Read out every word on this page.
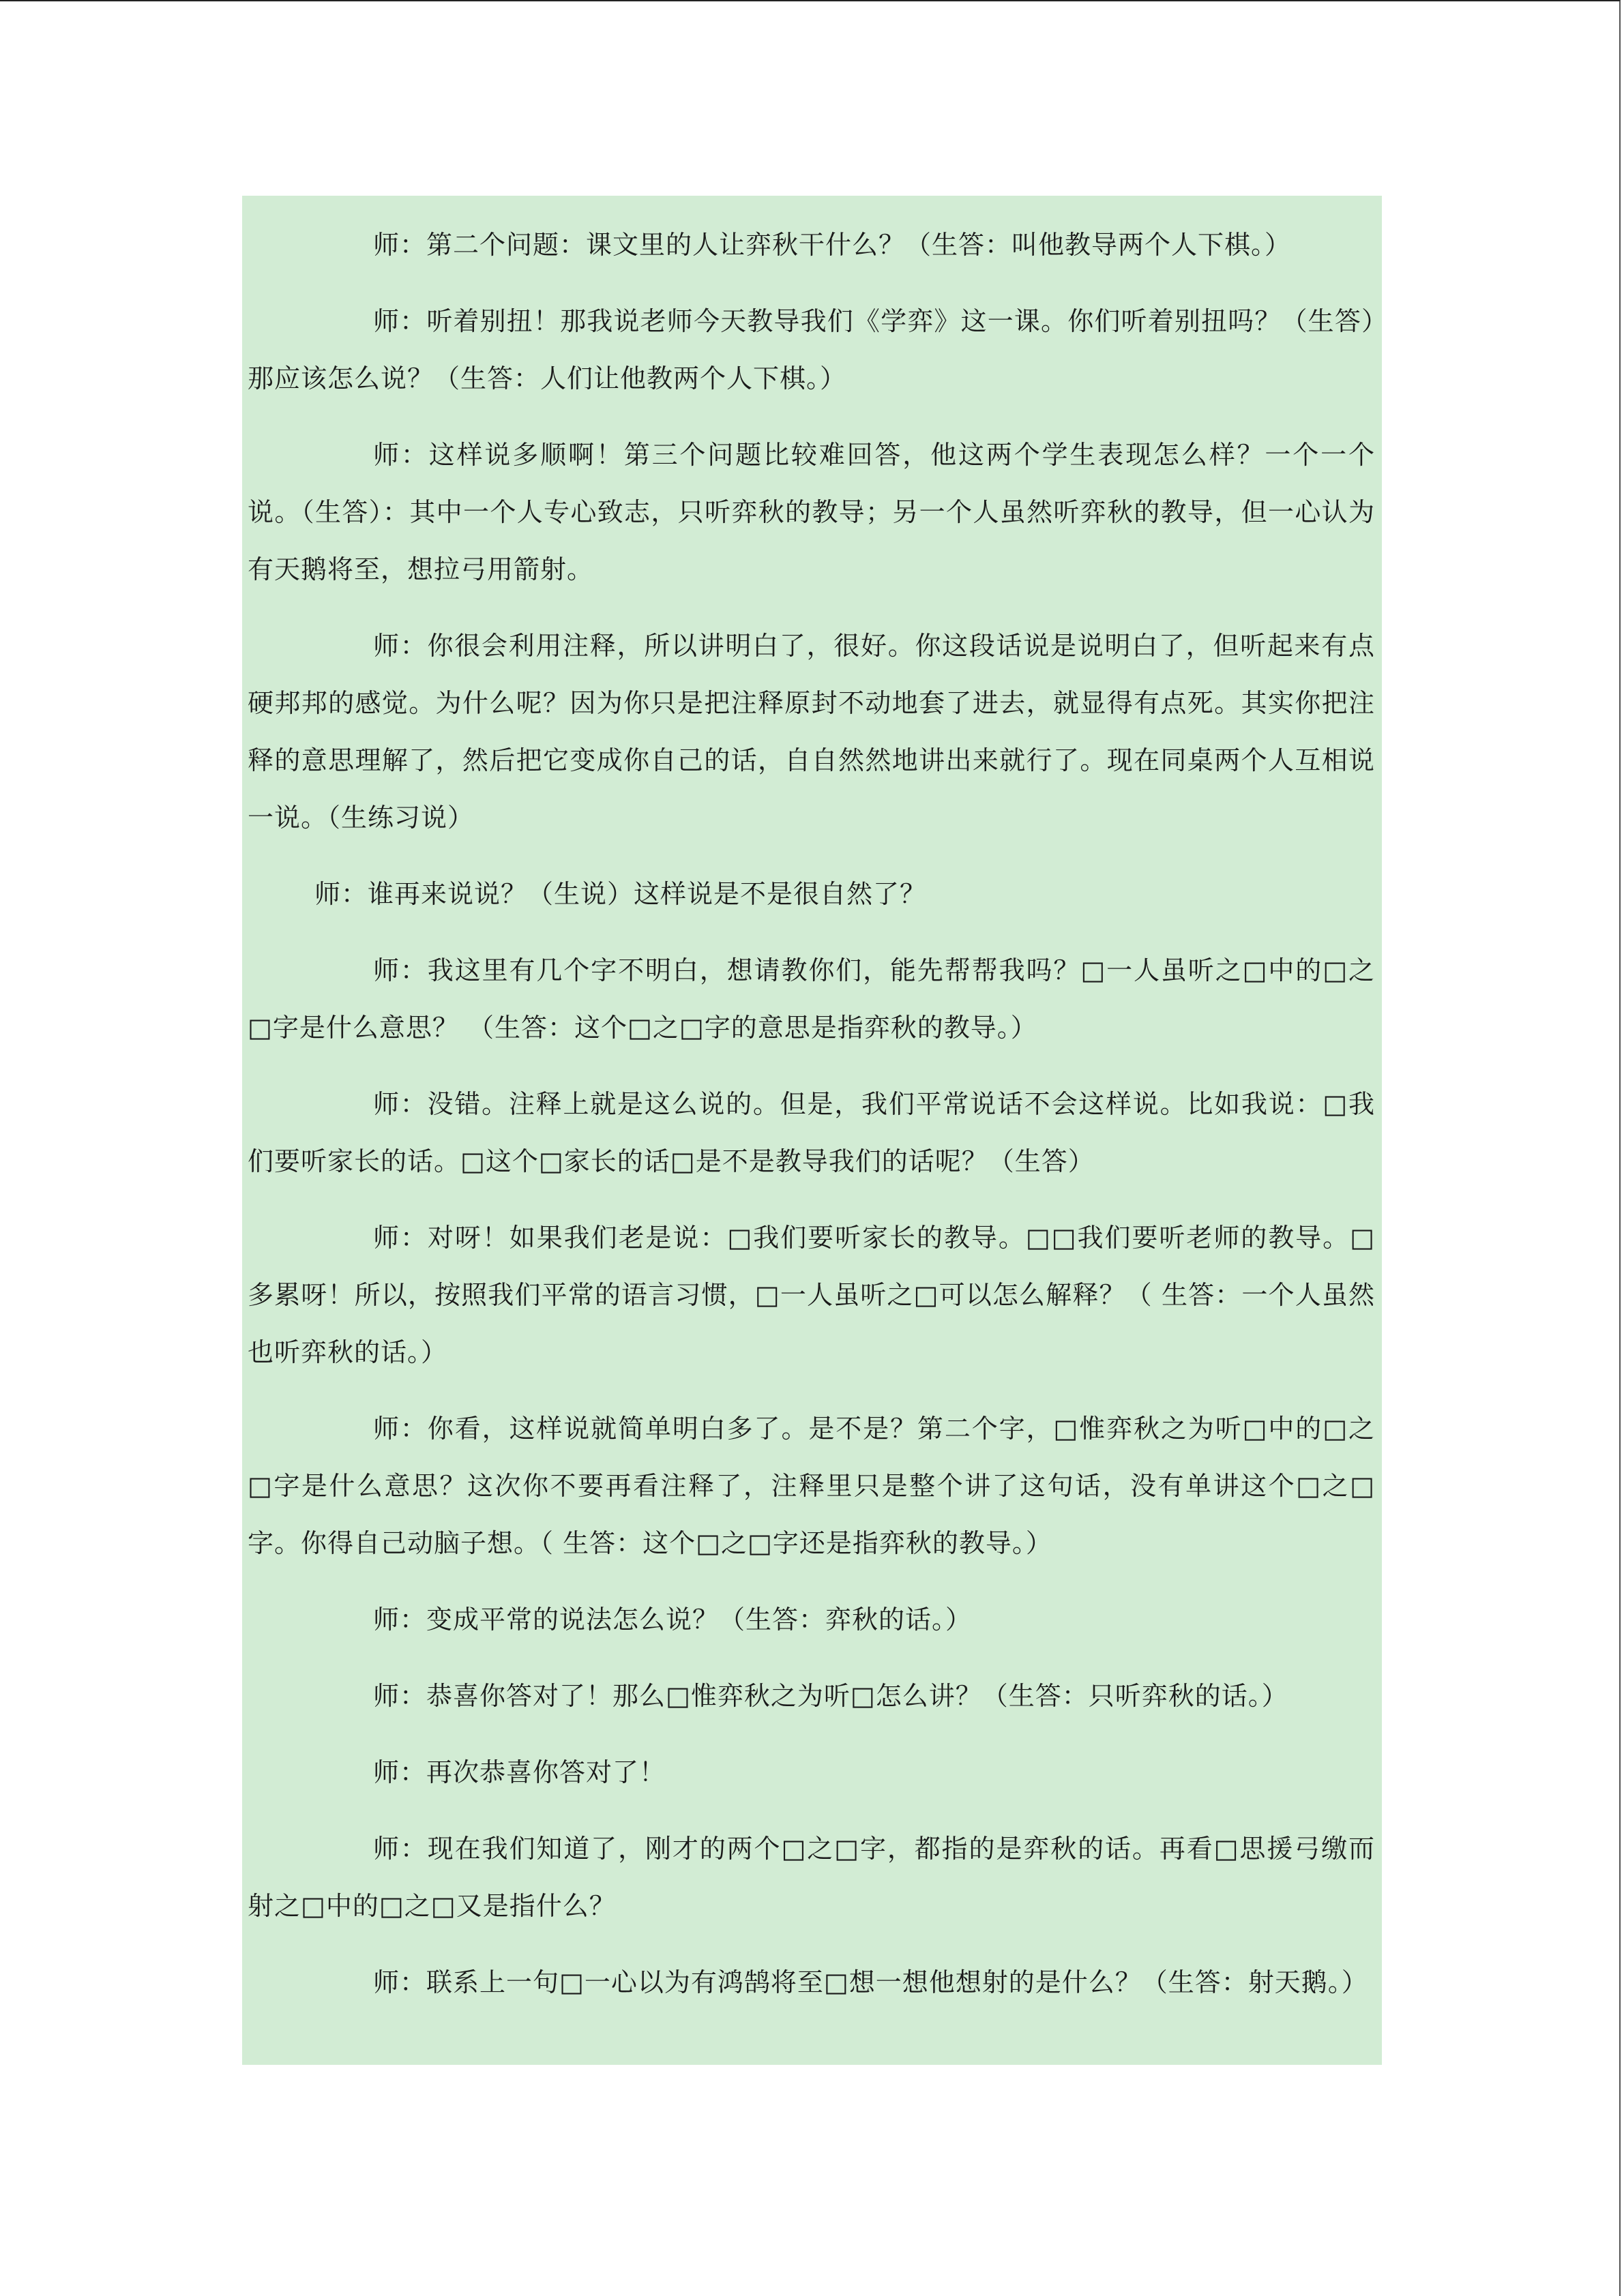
师：第二个问题：课文里的人让弈秋干什么？（生答：叫他教导两个人下棋。）

师：听着别扭！那我说老师今天教导我们《学弈》这一课。你们听着别扭吗？（生答）那应该怎么说？（生答：人们让他教两个人下棋。）

师：这样说多顺啊！第三个问题比较难回答，他这两个学生表现怎么样？一个一个说。（生答）：其中一个人专心致志，只听弈秋的教导；另一个人虽然听弈秋的教导，但一心认为有天鹅将至，想拉弓用箭射。

师：你很会利用注释，所以讲明白了，很好。你这段话说是说明白了，但听起来有点硬邦邦的感觉。为什么呢？因为你只是把注释原封不动地套了进去，就显得有点死。其实你把注释的意思理解了，然后把它变成你自己的话，自自然然地讲出来就行了。现在同桌两个人互相说一说。（生练习说）

师：谁再来说说？（生说）这样说是不是很自然了？

师：我这里有几个字不明白，想请教你们，能先帮帮我吗？□一人虽听之□中的□之□字是什么意思？ （生答：这个□之□字的意思是指弈秋的教导。）

师：没错。注释上就是这么说的。但是，我们平常说话不会这样说。比如我说：□我们要听家长的话。□这个□家长的话□是不是教导我们的话呢？（生答）

师：对呀！如果我们老是说：□我们要听家长的教导。□□我们要听老师的教导。□多累呀！所以，按照我们平常的语言习惯，□一人虽听之□可以怎么解释？（ 生答：一个人虽然也听弈秋的话。）

师：你看，这样说就简单明白多了。是不是？第二个字，□惟弈秋之为听□中的□之□字是什么意思？这次你不要再看注释了，注释里只是整个讲了这句话，没有单讲这个□之□字。你得自己动脑子想。（ 生答：这个□之□字还是指弈秋的教导。）

师：变成平常的说法怎么说？（生答：弈秋的话。）

师：恭喜你答对了！那么□惟弈秋之为听□怎么讲？（生答：只听弈秋的话。）

师：再次恭喜你答对了！

师：现在我们知道了，刚才的两个□之□字，都指的是弈秋的话。再看□思援弓缴而射之□中的□之□又是指什么？

师：联系上一句□一心以为有鸿鹄将至□想一想他想射的是什么？（生答：射天鹅。）
